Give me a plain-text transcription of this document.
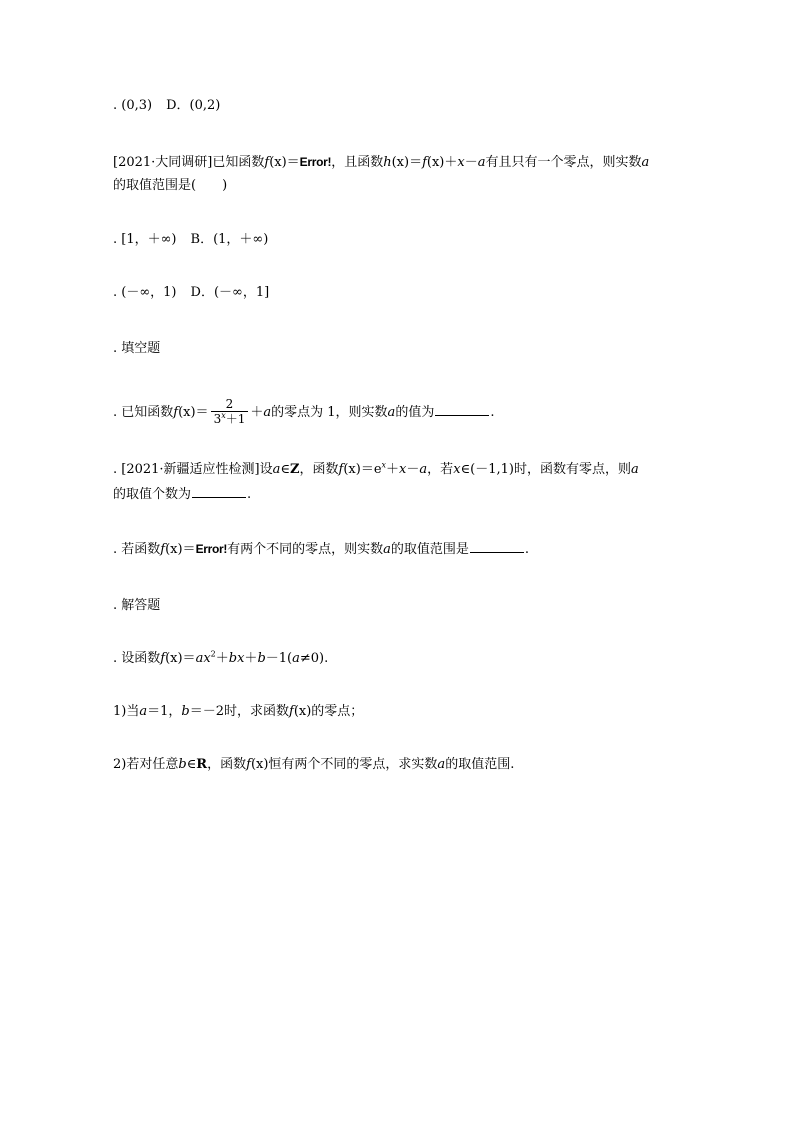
. (0,3) D．(0,2)
[2021·大同调研]已知函数f(x)＝Error!，且函数h(x)＝f(x)＋x－a有且只有一个零点，则实数a
的取值范围是(　　)
. [1，＋∞) B．(1，＋∞)
. (－∞，1) D．(－∞，1]
. 填空题
. 已知函数$f(x)= \frac{2}{3^x+1} +a$的零点为 1，则实数a的值为	.
. [2021·新疆适应性检测]设a∈Z，函数$f(x)=e^x+x-a$，若x∈(－1,1)时，函数有零点，则a
的取值个数为	.
. 若函数f(x)＝Error!有两个不同的零点，则实数a的取值范围是	.
. 解答题
. 设函数$f(x)=ax^2+bx+b-1(a\ne 0)$.
1)当a＝1，b＝－2时，求函数f(x)的零点；
2)若对任意b∈R，函数f(x)恒有两个不同的零点，求实数a的取值范围.
